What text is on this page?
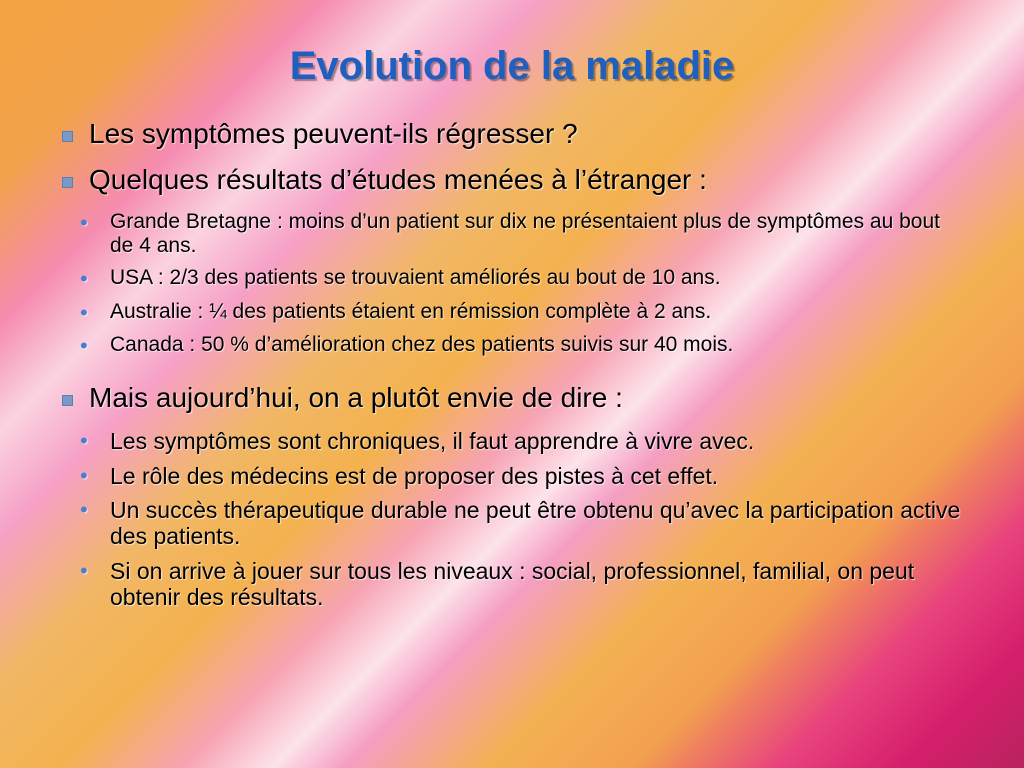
Evolution de la maladie
Les symptômes peuvent-ils régresser ?
Quelques résultats d’études menées à l’étranger :
•	Grande Bretagne : moins d’un patient sur dix ne présentaient plus de symptômes au bout de 4 ans.
•	USA : 2/3 des patients se trouvaient améliorés au bout de 10 ans.
•	Australie : ¼ des patients étaient en rémission complète à 2 ans.
•	Canada : 50 % d’amélioration chez des patients suivis sur 40 mois.
Mais aujourd’hui, on a plutôt envie de dire :
• Les symptômes sont chroniques, il faut apprendre à vivre avec.
• Le rôle des médecins est de proposer des pistes à cet effet.
• Un succès thérapeutique durable ne peut être obtenu qu’avec la participation active des patients.
• Si on arrive à jouer sur tous les niveaux : social, professionnel, familial, on peut obtenir des résultats.
